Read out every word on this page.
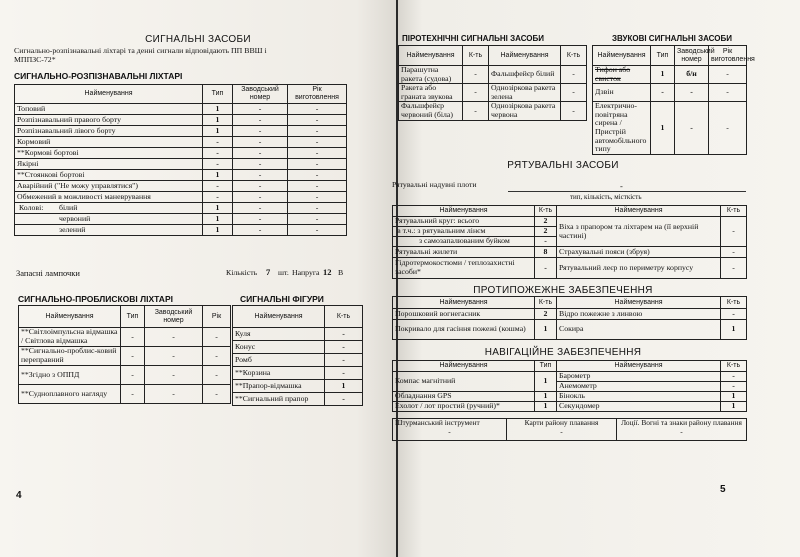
СИГНАЛЬНІ ЗАСОБИ
Сигнально-розпізнавальні ліхтарі та денні сигнали відповідають ПП ВВШ і МППЗС-72*
СИГНАЛЬНО-РОЗПІЗНАВАЛЬНІ ЛІХТАРІ
Найменування	Тип	Заводський номер	Рік виготовлення
Топовий	1	-	-
Розпізнавальний правого борту	1	-	-
Розпізнавальний лівого борту	1	-	-
Кормовий	-	-	-
**Кормові бортові	-	-	-
Якірні	-	-	-
**Стоянкові бортові	1	-	-
Аварійний ("Не можу управлятися")	-	-	-
Обмежений в можливості маневрування	-	-	-
Колові: білий	1	-	-
червоний	1	-	-
зелений	1	-	-
Запасні лампочки	Кількість 7 шт. Напруга 12 В
СИГНАЛЬНО-ПРОБЛИСКОВІ ЛІХТАРІ	СИГНАЛЬНІ ФІГУРИ
Найменування	Тип	Заводський номер	Рік
**Світлоімпульсна відмашка / Світлова відмашка	-	-	-
**Сигнально-проблис-ковий переправний	-	-	-
**Згідно з ОППД	-	-	-
**Судноплавного нагляду	-	-	-
Найменування	К-ть
Куля	-
Конус	-
Ромб	-
**Корзина	-
**Прапор-відмашка	1
**Сигнальний прапор	-
4
ПІРОТЕХНІЧНІ СИГНАЛЬНІ ЗАСОБИ	ЗВУКОВІ СИГНАЛЬНІ ЗАСОБИ
Найменування	К-ть	Найменування	К-ть
Парашутна ракета (судова)	-	Фальшфейєр білий	-
Ракета або граната звукова	-	Однозіркова ракета зелена	-
Фальшфейєр червоний (біла)	-	Однозіркова ракета червона	-
Найменування	Тип	Заводський номер	Рік виготовлення
Тифон або свисток	1	б/н	-
Дзвін	-	-	-
Електрично-повітряна сирена / Пристрій автомобільного типу	1	-	-
РЯТУВАЛЬНІ ЗАСОБИ
Рятувальні надувні плоти	-
тип, кількість, місткість
Найменування	К-ть	Найменування	К-ть
Рятувальний круг: всього	2	Віха з прапором та ліхтарем на (її верхній частині)	-
в т.ч.: з рятувальним лінєм	2		
з самозапалюваним буйком	-		
Рятувальні жилети	8	Страхувальні пояси (збруя)	-
Гідротермокостюми / теплозахистні засоби*	-	Рятувальний леєр по периметру корпусу	-
ПРОТИПОЖЕЖНЕ ЗАБЕЗПЕЧЕННЯ
Найменування	К-ть	Найменування	К-ть
Порошковий вогнегасник	2	Відро пожежне з линвою	-
Покривало для гасіння пожежі (кошма)	1	Сокира	1
НАВІГАЦІЙНЕ ЗАБЕЗПЕЧЕННЯ
Найменування	Тип	Найменування	К-ть
Компас магнітний	1	Барометр	-
		Анемометр	-
Обладнання GPS	1	Бінокль	1
Ехолот / лот простий (ручний)*	1	Секундомер	1
Штурманський інструмент
-

Карти району плавання
-

Лоції. Вогні та знаки району плавання
-
5
